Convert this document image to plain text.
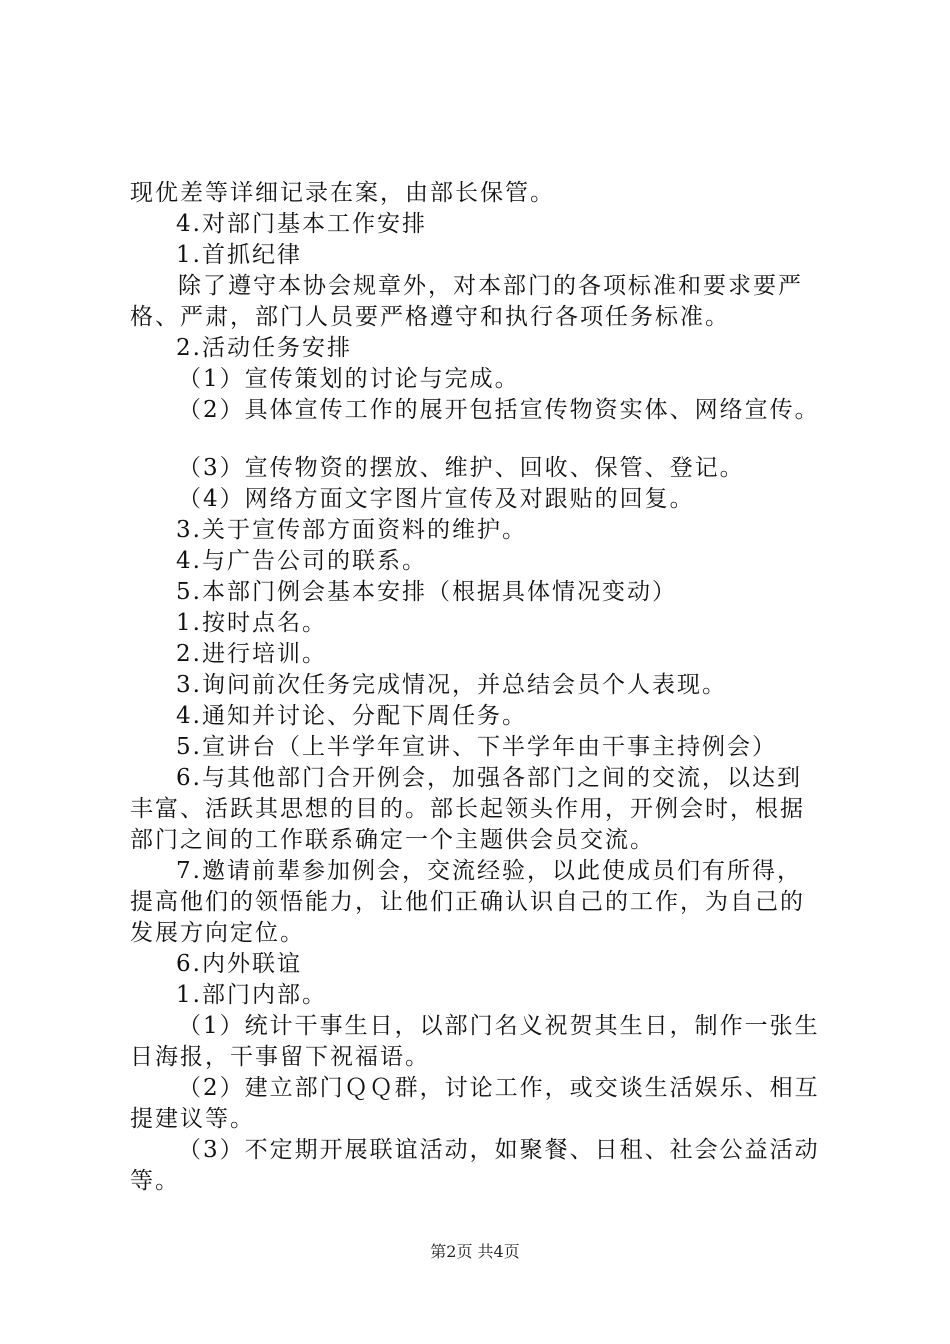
现优差等详细记录在案，由部长保管。
4.对部门基本工作安排
1.首抓纪律
除了遵守本协会规章外，对本部门的各项标准和要求要严
格、严肃，部门人员要严格遵守和执行各项任务标准。
2.活动任务安排
（1）宣传策划的讨论与完成。
（2）具体宣传工作的展开包括宣传物资实体、网络宣传。
（3）宣传物资的摆放、维护、回收、保管、登记。
（4）网络方面文字图片宣传及对跟贴的回复。
3.关于宣传部方面资料的维护。
4.与广告公司的联系。
5.本部门例会基本安排（根据具体情况变动）
1.按时点名。
2.进行培训。
3.询问前次任务完成情况，并总结会员个人表现。
4.通知并讨论、分配下周任务。
5.宣讲台（上半学年宣讲、下半学年由干事主持例会）
6.与其他部门合开例会，加强各部门之间的交流，以达到
丰富、活跃其思想的目的。部长起领头作用，开例会时，根据
部门之间的工作联系确定一个主题供会员交流。
7.邀请前辈参加例会，交流经验，以此使成员们有所得，
提高他们的领悟能力，让他们正确认识自己的工作，为自己的
发展方向定位。
6.内外联谊
1.部门内部。
（1）统计干事生日，以部门名义祝贺其生日，制作一张生
日海报，干事留下祝福语。
（2）建立部门ＱＱ群，讨论工作，或交谈生活娱乐、相互
提建议等。
（3）不定期开展联谊活动，如聚餐、日租、社会公益活动
等。
第2页 共4页
